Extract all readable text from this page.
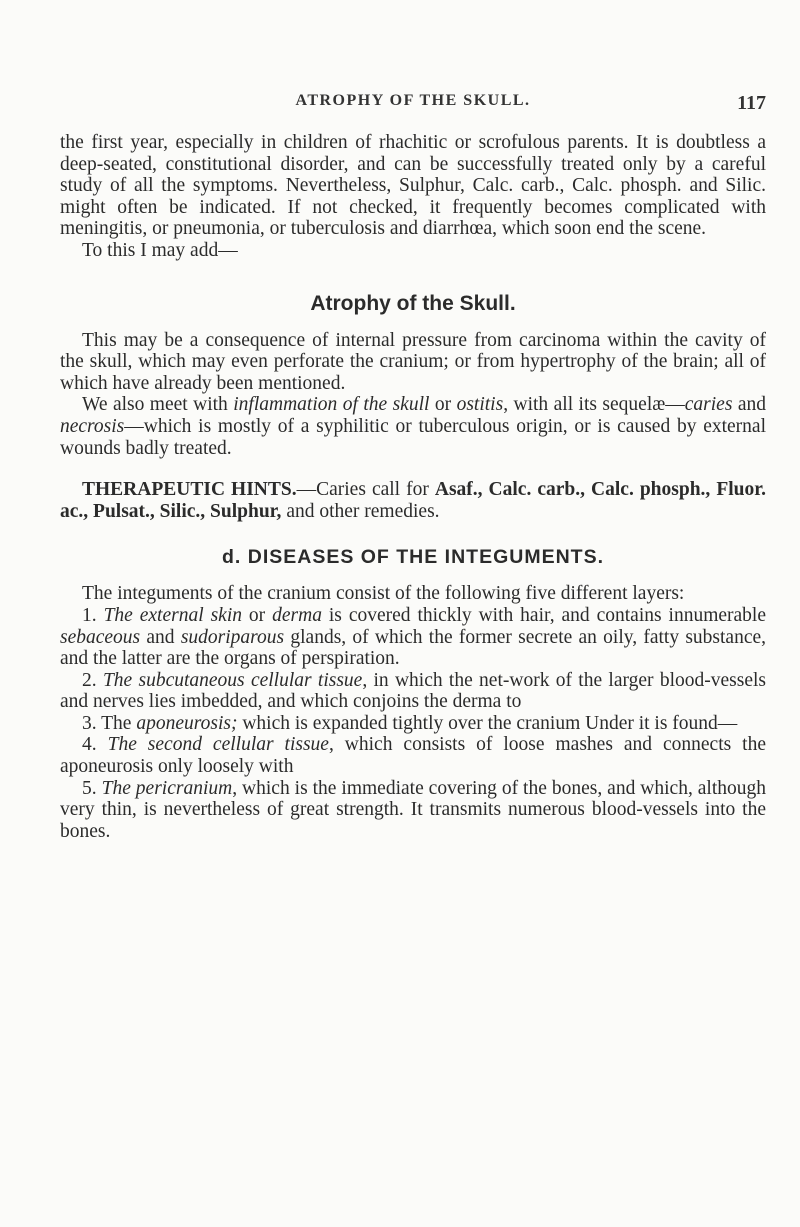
ATROPHY OF THE SKULL.	117

the first year, especially in children of rhachitic or scrofulous parents. It is doubtless a deep-seated, constitutional disorder, and can be successfully treated only by a careful study of all the symptoms. Nevertheless, Sulphur, Calc. carb., Calc. phosph. and Silic. might often be indicated. If not checked, it frequently becomes complicated with meningitis, or pneumonia, or tuberculosis and diarrhœa, which soon end the scene.

To this I may add—

Atrophy of the Skull.

This may be a consequence of internal pressure from carcinoma within the cavity of the skull, which may even perforate the cranium; or from hypertrophy of the brain; all of which have already been mentioned.

We also meet with inflammation of the skull or ostitis, with all its sequelæ—caries and necrosis—which is mostly of a syphilitic or tuberculous origin, or is caused by external wounds badly treated.

THERAPEUTIC HINTS.—Caries call for Asaf., Calc. carb., Calc. phosph., Fluor. ac., Pulsat., Silic., Sulphur, and other remedies.

d. DISEASES OF THE INTEGUMENTS.

The integuments of the cranium consist of the following five different layers:

1. The external skin or derma is covered thickly with hair, and contains innumerable sebaceous and sudoriparous glands, of which the former secrete an oily, fatty substance, and the latter are the organs of perspiration.

2. The subcutaneous cellular tissue, in which the net-work of the larger blood-vessels and nerves lies imbedded, and which conjoins the derma to

3. The aponeurosis; which is expanded tightly over the cranium Under it is found—

4. The second cellular tissue, which consists of loose mashes and connects the aponeurosis only loosely with

5. The pericranium, which is the immediate covering of the bones, and which, although very thin, is nevertheless of great strength. It transmits numerous blood-vessels into the bones.
